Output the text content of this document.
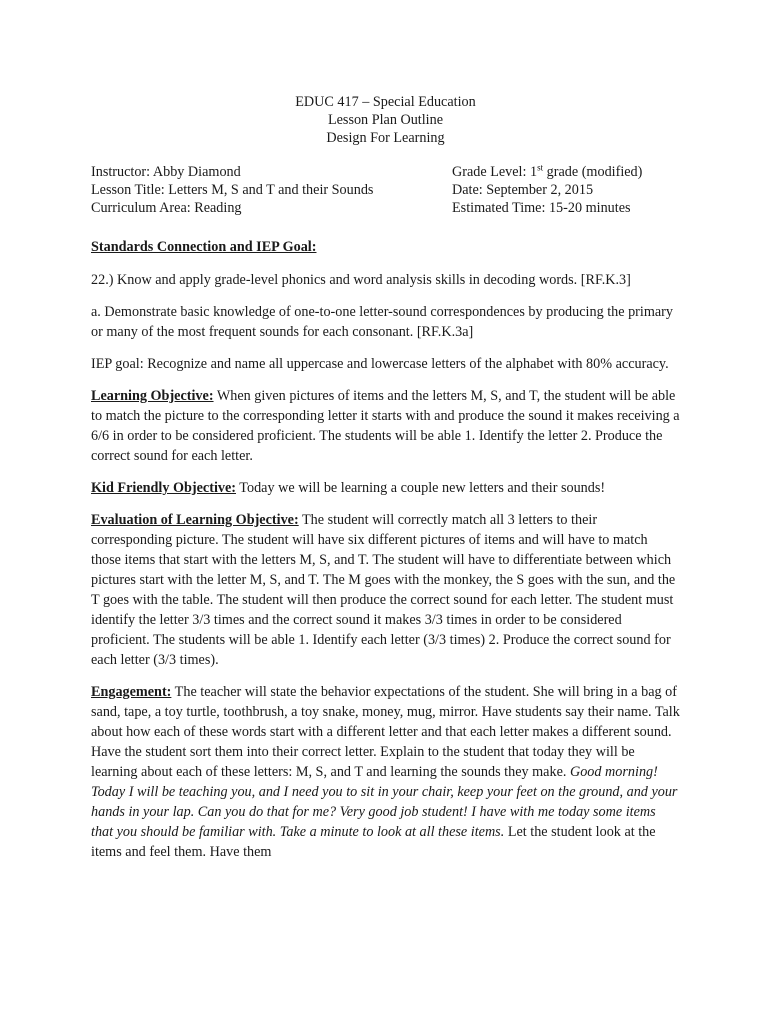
EDUC 417 – Special Education
Lesson Plan Outline
Design For Learning
Instructor: Abby Diamond	Grade Level: 1st grade (modified)
Lesson Title: Letters M, S and T and their Sounds	Date: September 2, 2015
Curriculum Area: Reading	Estimated Time: 15-20 minutes
Standards Connection and IEP Goal:

22.) Know and apply grade-level phonics and word analysis skills in decoding words. [RF.K.3]

a. Demonstrate basic knowledge of one-to-one letter-sound correspondences by producing the primary or many of the most frequent sounds for each consonant. [RF.K.3a]

IEP goal: Recognize and name all uppercase and lowercase letters of the alphabet with 80% accuracy.

Learning Objective: When given pictures of items and the letters M, S, and T, the student will be able to match the picture to the corresponding letter it starts with and produce the sound it makes receiving a 6/6 in order to be considered proficient. The students will be able 1. Identify the letter 2. Produce the correct sound for each letter.

Kid Friendly Objective: Today we will be learning a couple new letters and their sounds!

Evaluation of Learning Objective: The student will correctly match all 3 letters to their corresponding picture. The student will have six different pictures of items and will have to match those items that start with the letters M, S, and T. The student will have to differentiate between which pictures start with the letter M, S, and T. The M goes with the monkey, the S goes with the sun, and the T goes with the table. The student will then produce the correct sound for each letter. The student must identify the letter 3/3 times and the correct sound it makes 3/3 times in order to be considered proficient. The students will be able 1. Identify each letter (3/3 times) 2. Produce the correct sound for each letter (3/3 times).

Engagement: The teacher will state the behavior expectations of the student. She will bring in a bag of sand, tape, a toy turtle, toothbrush, a toy snake, money, mug, mirror. Have students say their name. Talk about how each of these words start with a different letter and that each letter makes a different sound. Have the student sort them into their correct letter. Explain to the student that today they will be learning about each of these letters: M, S, and T and learning the sounds they make. Good morning! Today I will be teaching you, and I need you to sit in your chair, keep your feet on the ground, and your hands in your lap. Can you do that for me? Very good job student! I have with me today some items that you should be familiar with. Take a minute to look at all these items. Let the student look at the items and feel them. Have them
